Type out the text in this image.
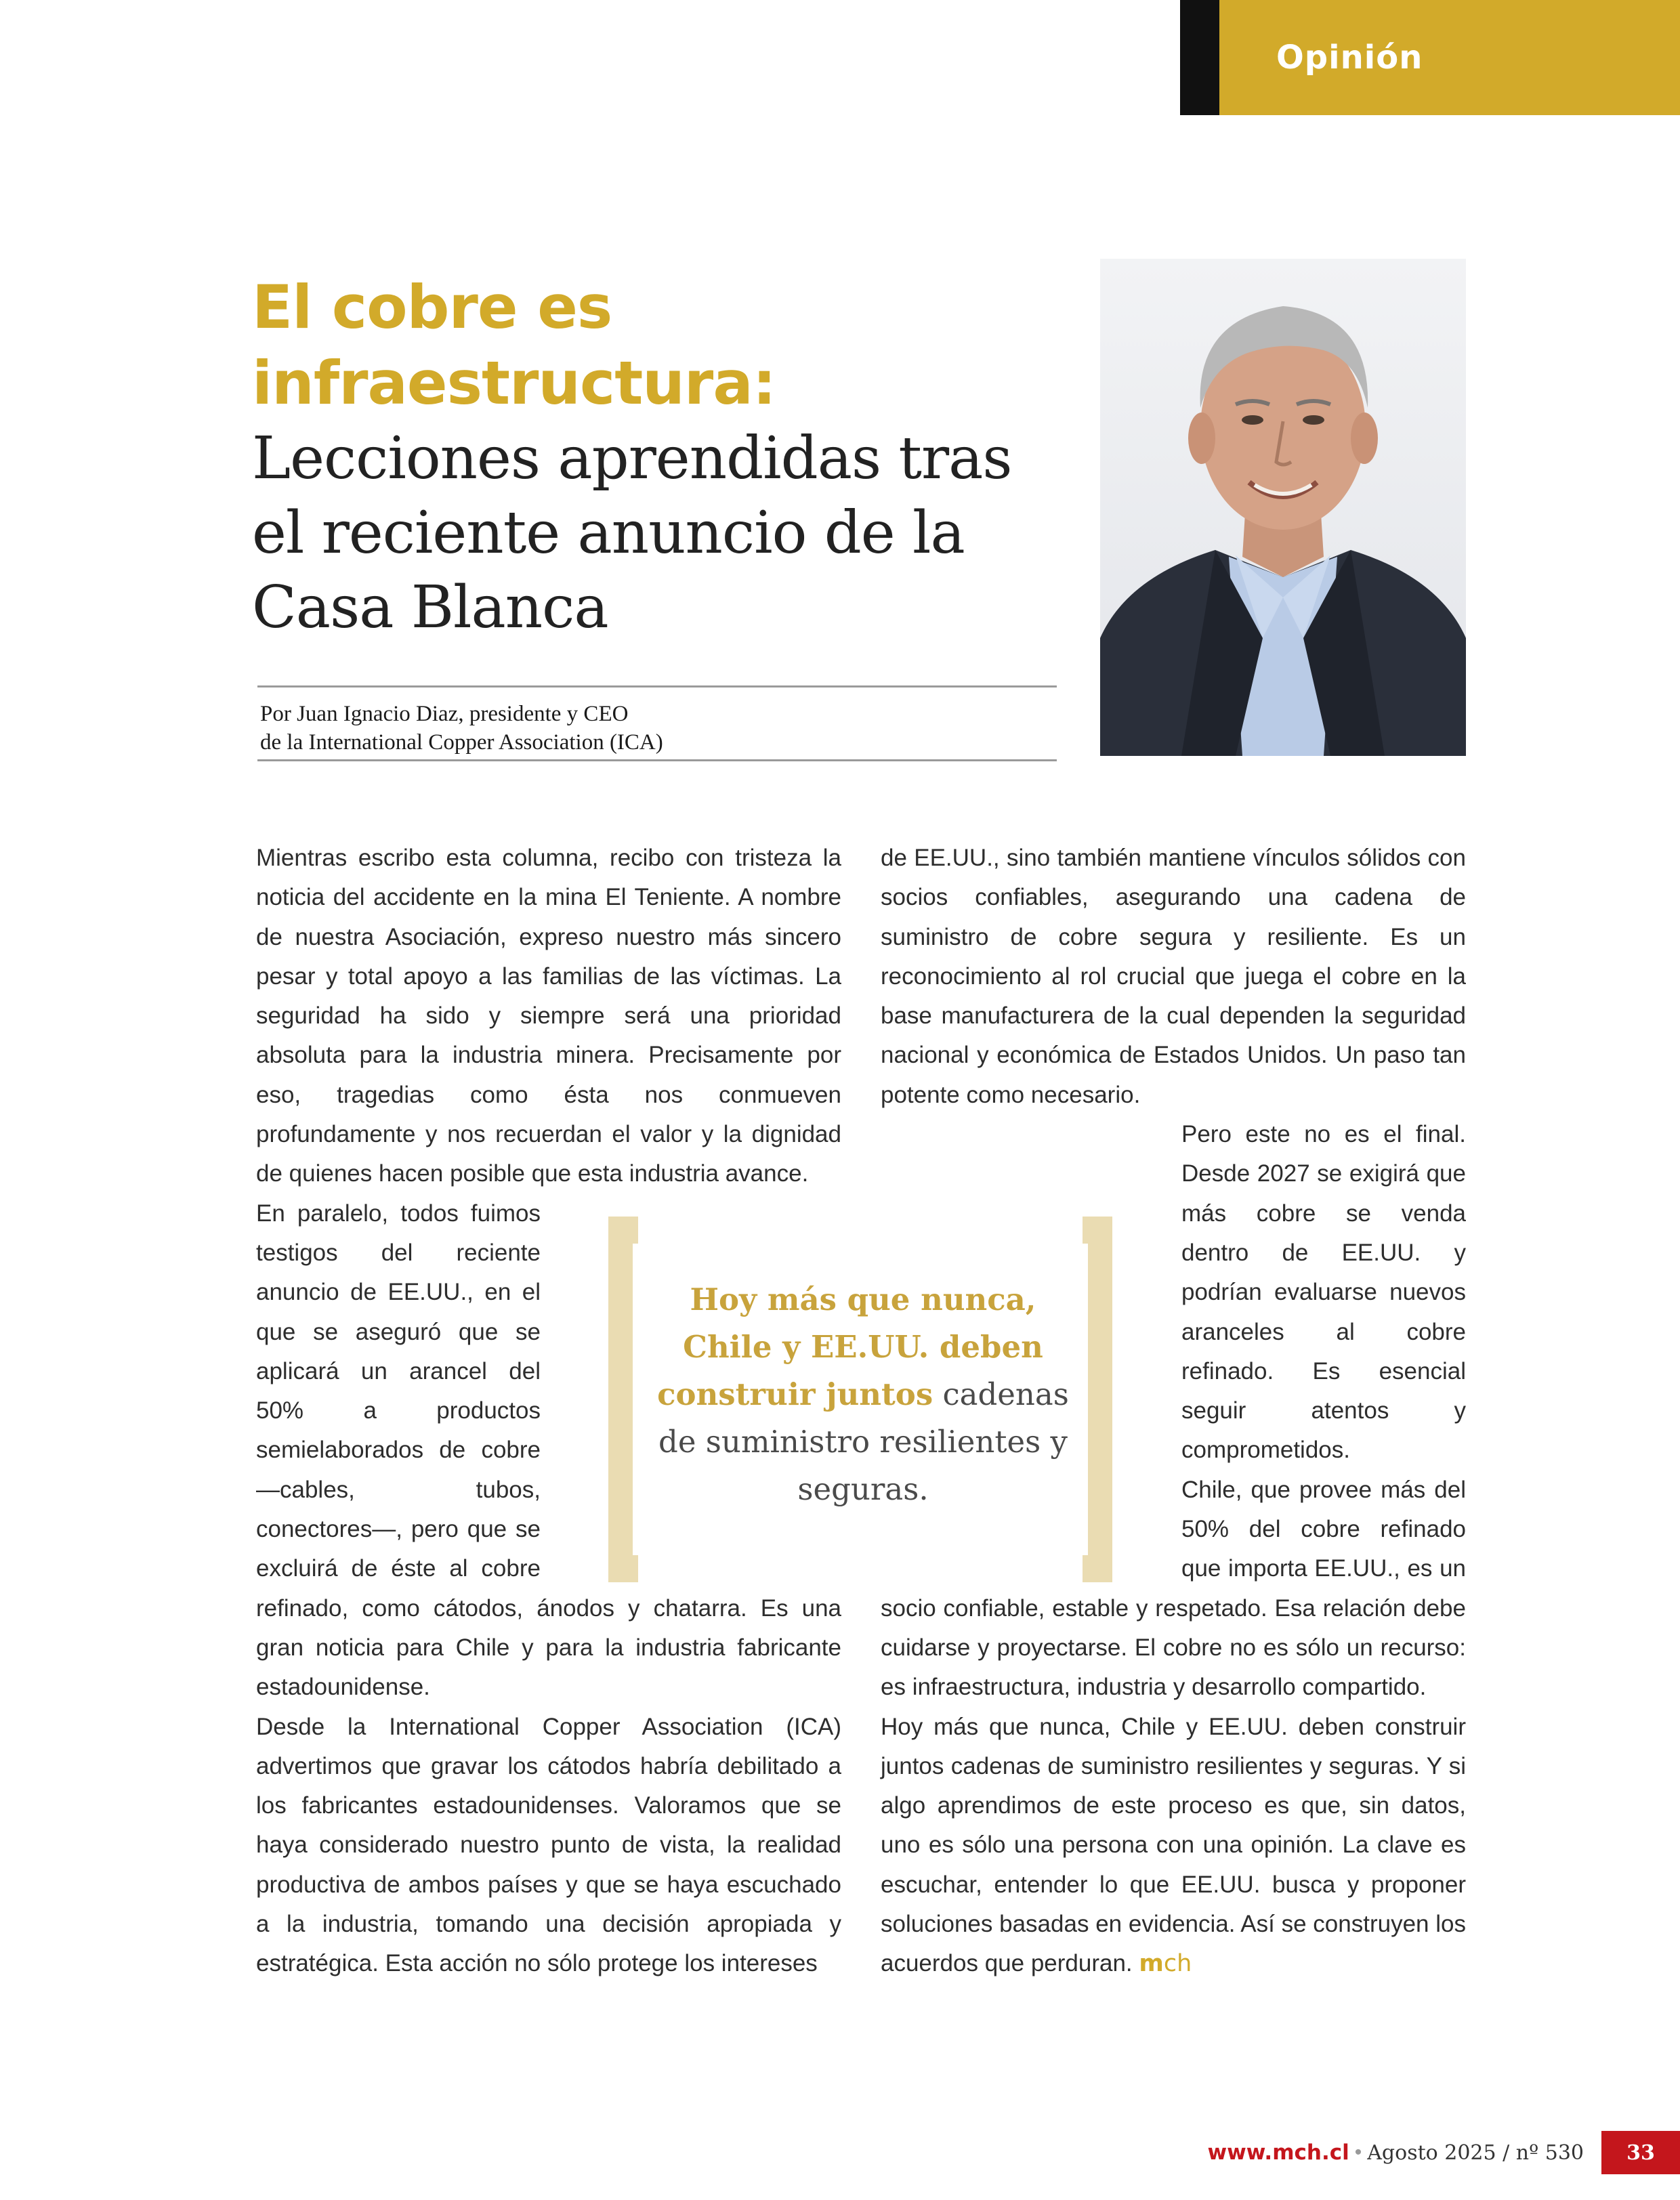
Opinión
El cobre es
infraestructura:
Lecciones aprendidas tras
el reciente anuncio de la
Casa Blanca

Por Juan Ignacio Diaz, presidente y CEO

de la International Copper Association (ICA)

Mientras escribo esta columna, recibo con tristeza la noticia del accidente en la mina El Teniente. A nombre de nuestra Asociación, expreso nuestro más sincero pesar y total apoyo a las familias de las víctimas. La seguridad ha sido y siempre será una prioridad absoluta para la industria minera. Precisamente por eso, tragedias como ésta nos conmueven profundamente y nos recuerdan el valor y la dignidad de quienes hacen posible que esta industria avance.

En paralelo, todos fuimos testigos del reciente anuncio de EE.UU., en el que se aseguró que se aplicará un arancel del 50% a productos semielaborados de cobre —cables, tubos, conectores—, pero que se excluirá de éste al cobre refinado, como cátodos, ánodos y chatarra. Es una gran noticia para Chile y para la industria fabricante estadounidense.

Desde la International Copper Association (ICA) advertimos que gravar los cátodos habría debilitado a los fabricantes estadounidenses. Valoramos que se haya considerado nuestro punto de vista, la realidad productiva de ambos países y que se haya escuchado a la industria, tomando una decisión apropiada y estratégica. Esta acción no sólo protege los intereses

de EE.UU., sino también mantiene vínculos sólidos con socios confiables, asegurando una cadena de suministro de cobre segura y resiliente. Es un reconocimiento al rol crucial que juega el cobre en la base manufacturera de la cual dependen la seguridad nacional y económica de Estados Unidos. Un paso tan potente como necesario.

Pero este no es el final. Desde 2027 se exigirá que más cobre se venda dentro de EE.UU. y podrían evaluarse nuevos aranceles al cobre refinado. Es esencial seguir atentos y comprometidos.

Chile, que provee más del 50% del cobre refinado que importa EE.UU., es un socio confiable, estable y respetado. Esa relación debe cuidarse y proyectarse. El cobre no es sólo un recurso: es infraestructura, industria y desarrollo compartido.

Hoy más que nunca, Chile y EE.UU. deben construir juntos cadenas de suministro resilientes y seguras. Y si algo aprendimos de este proceso es que, sin datos, uno es sólo una persona con una opinión. La clave es escuchar, entender lo que EE.UU. busca y proponer soluciones basadas en evidencia. Así se construyen los acuerdos que perduran. mch

Hoy más que nunca, Chile y EE.UU. deben construir juntos cadenas de suministro resilientes y seguras.
www.mch.cl • Agosto 2025 / nº 530	33
